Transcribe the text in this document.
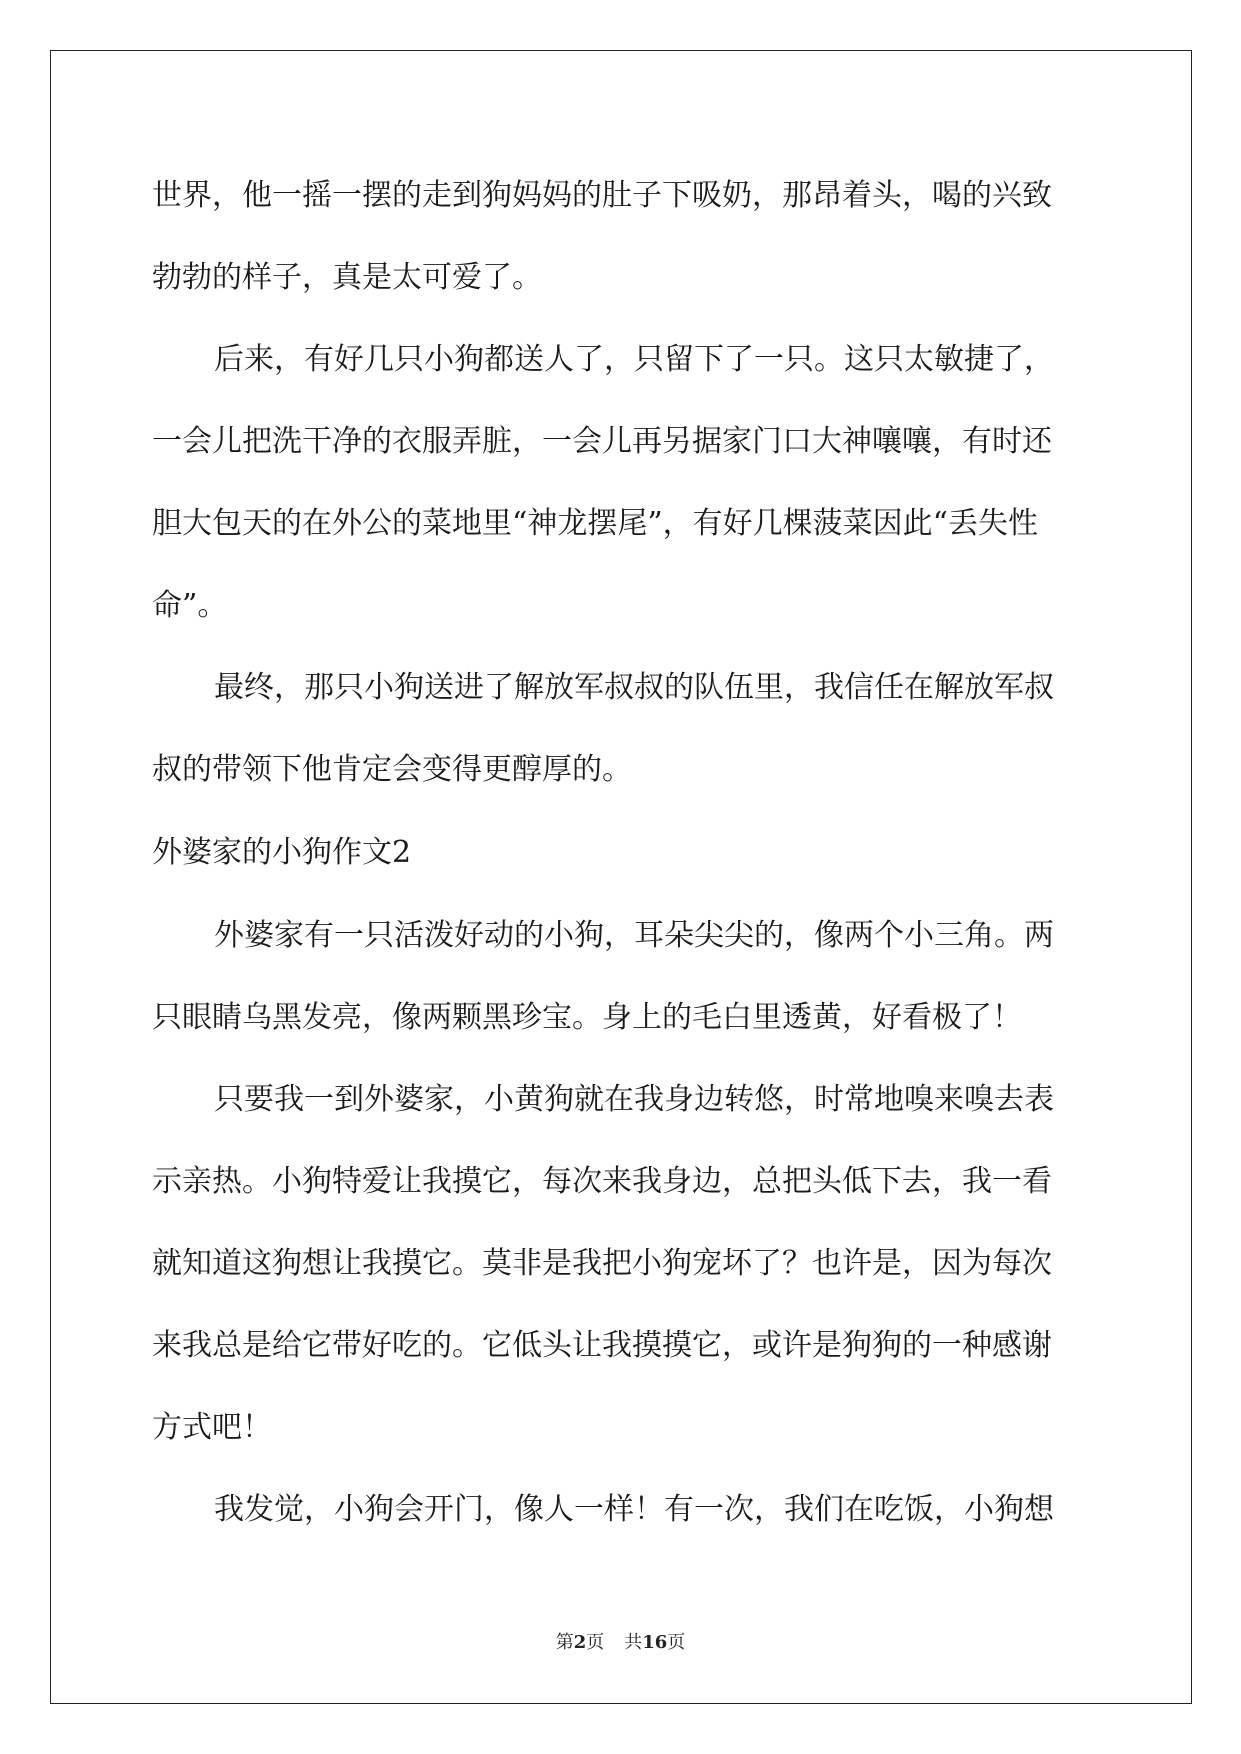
世界，他一摇一摆的走到狗妈妈的肚子下吸奶，那昂着头，喝的兴致
勃勃的样子，真是太可爱了。
后来，有好几只小狗都送人了，只留下了一只。这只太敏捷了，
一会儿把洗干净的衣服弄脏，一会儿再另据家门口大神嚷嚷，有时还
胆大包天的在外公的菜地里“神龙摆尾”，有好几棵菠菜因此“丢失性
命”。
最终，那只小狗送进了解放军叔叔的队伍里，我信任在解放军叔
叔的带领下他肯定会变得更醇厚的。
外婆家的小狗作文2
外婆家有一只活泼好动的小狗，耳朵尖尖的，像两个小三角。两
只眼睛乌黑发亮，像两颗黑珍宝。身上的毛白里透黄，好看极了！
只要我一到外婆家，小黄狗就在我身边转悠，时常地嗅来嗅去表
示亲热。小狗特爱让我摸它，每次来我身边，总把头低下去，我一看
就知道这狗想让我摸它。莫非是我把小狗宠坏了？也许是，因为每次
来我总是给它带好吃的。它低头让我摸摸它，或许是狗狗的一种感谢
方式吧！
我发觉，小狗会开门，像人一样！有一次，我们在吃饭，小狗想
第2页 共16页
